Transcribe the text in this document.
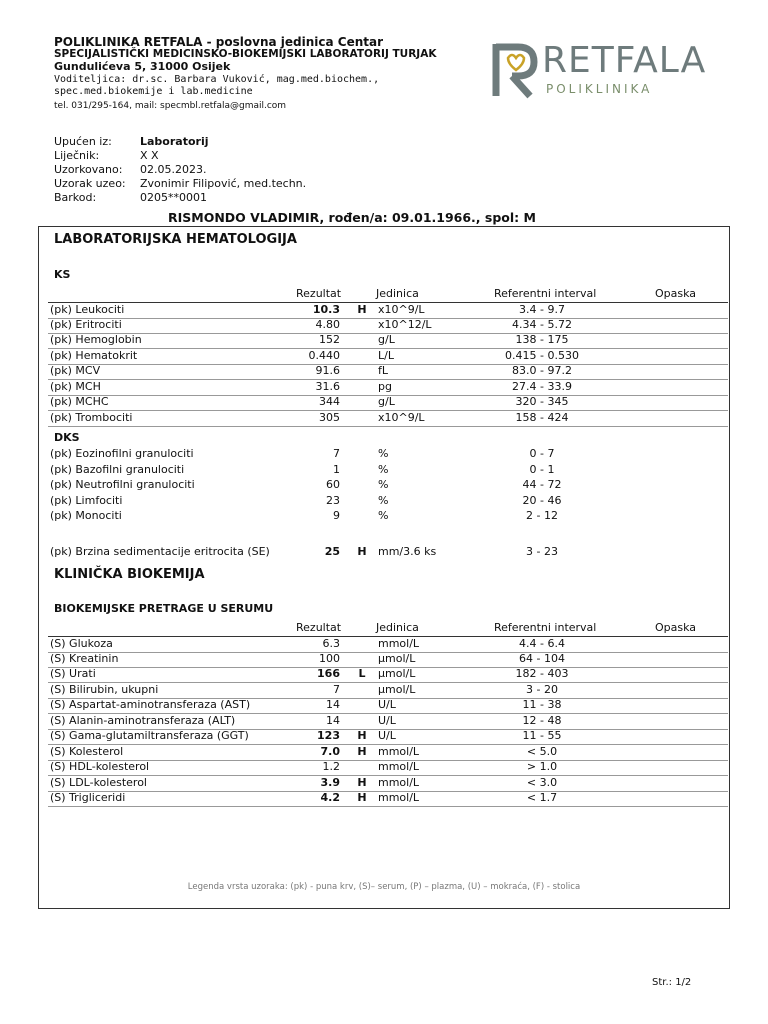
POLIKLINIKA RETFALA - poslovna jedinica Centar
SPECIJALISTIČKI MEDICINSKO-BIOKEMIJSKI LABORATORIJ TURJAK
Gundulićeva 5, 31000 Osijek
Voditeljica: dr.sc. Barbara Vuković, mag.med.biochem.,
spec.med.biokemije i lab.medicine
tel. 031/295-164, mail: specmbl.retfala@gmail.com
RETFALA
POLIKLINIKA
Upućen iz:	Laboratorij
Liječnik:	X X
Uzorkovano: 02.05.2023.
Uzorak uzeo: Zvonimir Filipović, med.techn.
Barkod:	0205**0001
RISMONDO VLADIMIR, rođen/a: 09.01.1966., spol: M
LABORATORIJSKA HEMATOLOGIJA
KS
Rezultat	Jedinica	Referentni interval	Opaska
(pk) Leukociti	10.3	H	x10^9/L	3.4 - 9.7
(pk) Eritrociti	4.80	x10^12/L	4.34 - 5.72
(pk) Hemoglobin	152	g/L	138 - 175
(pk) Hematokrit	0.440	L/L	0.415 - 0.530
(pk) MCV	91.6	fL	83.0 - 97.2
(pk) MCH	31.6	pg	27.4 - 33.9
(pk) MCHC	344	g/L	320 - 345
(pk) Trombociti	305	x10^9/L	158 - 424
DKS
(pk) Eozinofilni granulociti	7	%	0 - 7
(pk) Bazofilni granulociti	1	%	0 - 1
(pk) Neutrofilni granulociti	60	%	44 - 72
(pk) Limfociti	23	%	20 - 46
(pk) Monociti	9	%	2 - 12
(pk) Brzina sedimentacije eritrocita (SE)	25	H	mm/3.6 ks	3 - 23
KLINIČKA BIOKEMIJA
BIOKEMIJSKE PRETRAGE U SERUMU
Rezultat	Jedinica	Referentni interval	Opaska
(S) Glukoza	6.3	mmol/L	4.4 - 6.4
(S) Kreatinin	100	µmol/L	64 - 104
(S) Urati	166	L	µmol/L	182 - 403
(S) Bilirubin, ukupni	7	µmol/L	3 - 20
(S) Aspartat-aminotransferaza (AST)	14	U/L	11 - 38
(S) Alanin-aminotransferaza (ALT)	14	U/L	12 - 48
(S) Gama-glutamiltransferaza (GGT)	123	H	U/L	11 - 55
(S) Kolesterol	7.0	H	mmol/L	< 5.0
(S) HDL-kolesterol	1.2	mmol/L	> 1.0
(S) LDL-kolesterol	3.9	H	mmol/L	< 3.0
(S) Trigliceridi	4.2	H	mmol/L	< 1.7
Legenda vrsta uzoraka: (pk) - puna krv, (S)– serum, (P) – plazma, (U) – mokraća, (F) - stolica
Str.: 1/2
